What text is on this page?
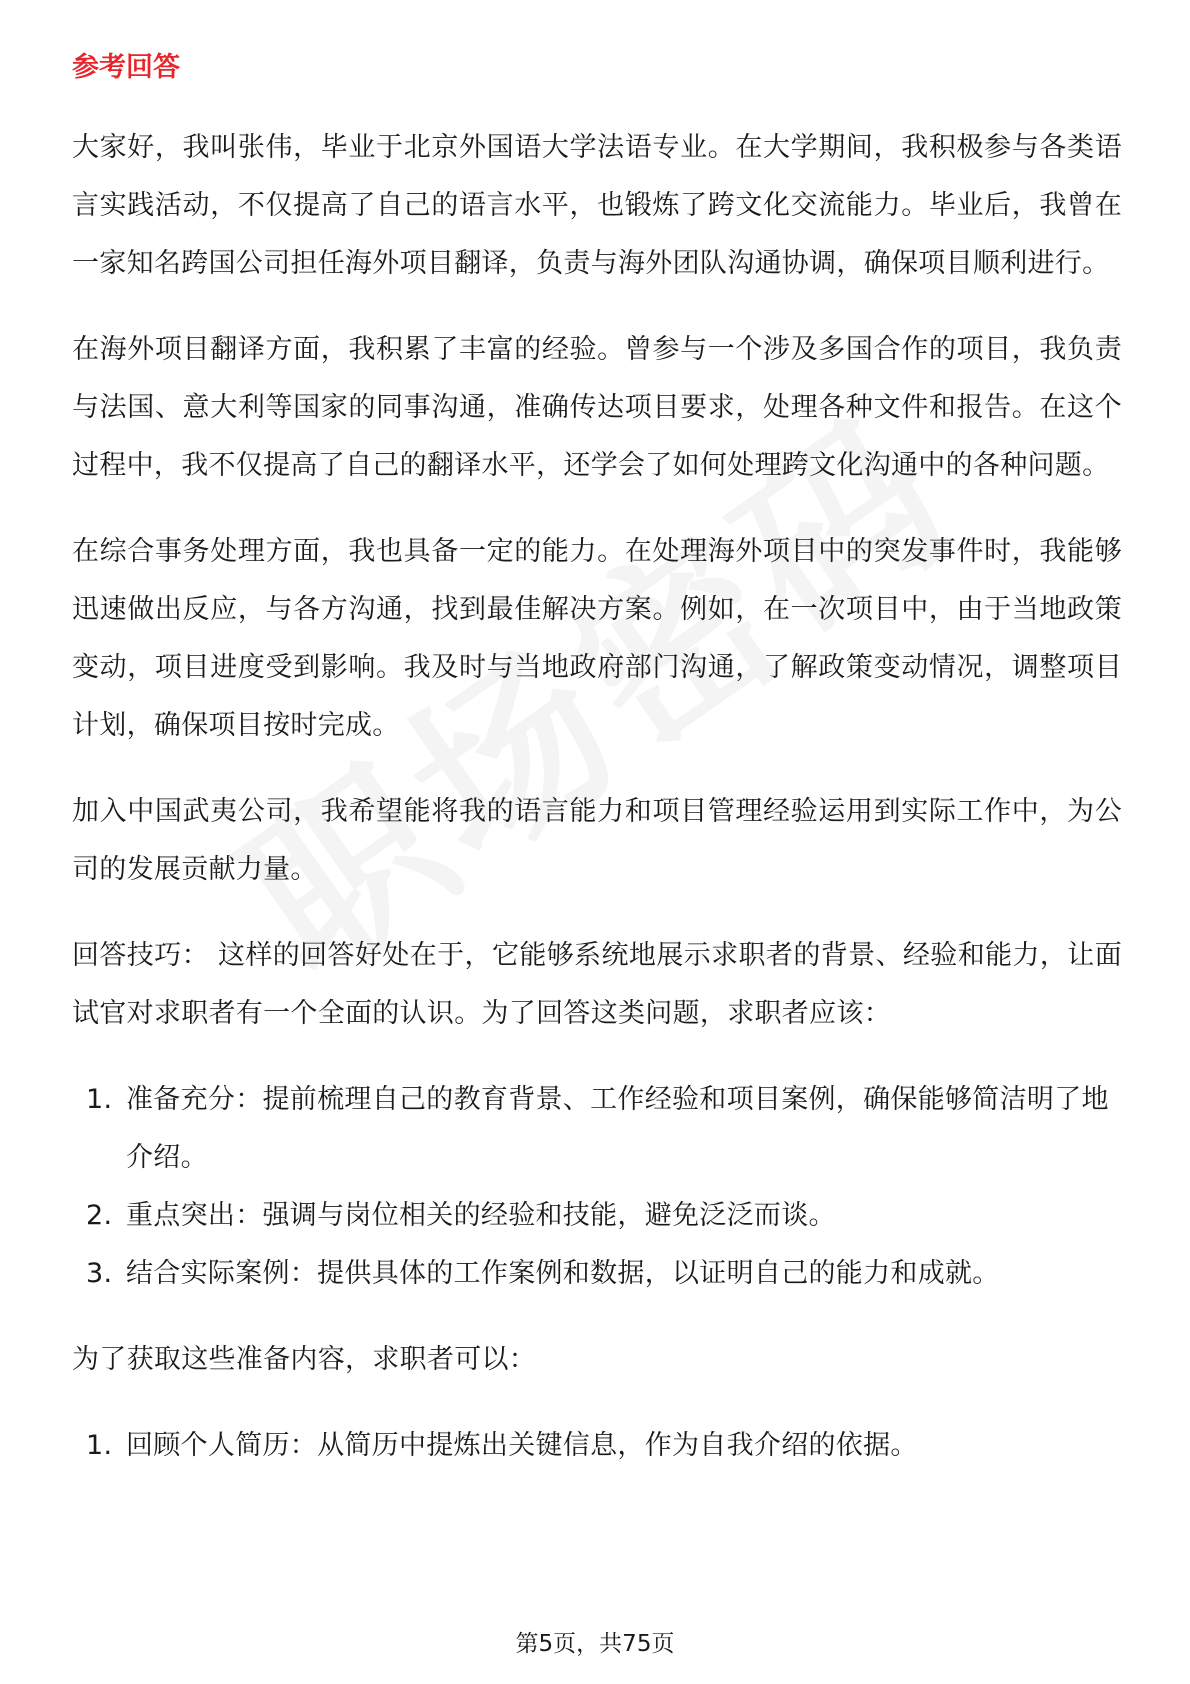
参考回答

大家好，我叫张伟，毕业于北京外国语大学法语专业。在大学期间，我积极参与各类语言实践活动，不仅提高了自己的语言水平，也锻炼了跨文化交流能力。毕业后，我曾在一家知名跨国公司担任海外项目翻译，负责与海外团队沟通协调，确保项目顺利进行。

在海外项目翻译方面，我积累了丰富的经验。曾参与一个涉及多国合作的项目，我负责与法国、意大利等国家的同事沟通，准确传达项目要求，处理各种文件和报告。在这个过程中，我不仅提高了自己的翻译水平，还学会了如何处理跨文化沟通中的各种问题。

在综合事务处理方面，我也具备一定的能力。在处理海外项目中的突发事件时，我能够迅速做出反应，与各方沟通，找到最佳解决方案。例如，在一次项目中，由于当地政策变动，项目进度受到影响。我及时与当地政府部门沟通，了解政策变动情况，调整项目计划，确保项目按时完成。

加入中国武夷公司，我希望能将我的语言能力和项目管理经验运用到实际工作中，为公司的发展贡献力量。

回答技巧： 这样的回答好处在于，它能够系统地展示求职者的背景、经验和能力，让面试官对求职者有一个全面的认识。为了回答这类问题，求职者应该：

1. 准备充分：提前梳理自己的教育背景、工作经验和项目案例，确保能够简洁明了地介绍。
2. 重点突出：强调与岗位相关的经验和技能，避免泛泛而谈。
3. 结合实际案例：提供具体的工作案例和数据，以证明自己的能力和成就。

为了获取这些准备内容，求职者可以：

1. 回顾个人简历：从简历中提炼出关键信息，作为自我介绍的依据。
第5页，共75页
